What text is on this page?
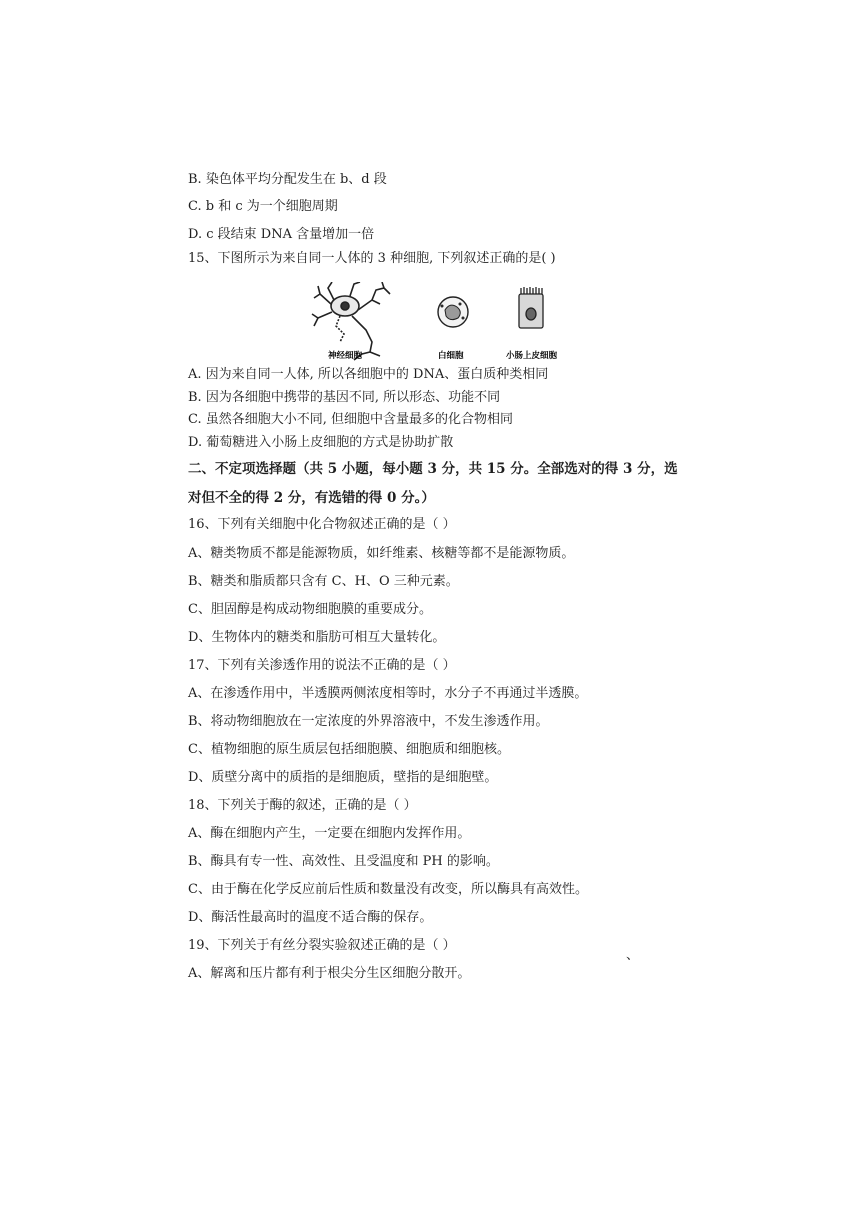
B. 染色体平均分配发生在 b、d 段
C. b 和 c 为一个细胞周期
D. c 段结束 DNA 含量增加一倍
15、下图所示为来自同一人体的 3 种细胞, 下列叙述正确的是( )
神经细胞	白细胞	小肠上皮细胞
A. 因为来自同一人体, 所以各细胞中的 DNA、蛋白质种类相同
B. 因为各细胞中携带的基因不同, 所以形态、功能不同
C. 虽然各细胞大小不同, 但细胞中含量最多的化合物相同
D. 葡萄糖进入小肠上皮细胞的方式是协助扩散
二、不定项选择题（共 5 小题，每小题 3 分，共 15 分。全部选对的得 3 分，选
对但不全的得 2 分，有选错的得 0 分。）
16、下列有关细胞中化合物叙述正确的是（ ）
A、糖类物质不都是能源物质，如纤维素、核糖等都不是能源物质。
B、糖类和脂质都只含有 C、H、O 三种元素。
C、胆固醇是构成动物细胞膜的重要成分。
D、生物体内的糖类和脂肪可相互大量转化。
17、下列有关渗透作用的说法不正确的是（ ）
A、在渗透作用中，半透膜两侧浓度相等时，水分子不再通过半透膜。
B、将动物细胞放在一定浓度的外界溶液中，不发生渗透作用。
C、植物细胞的原生质层包括细胞膜、细胞质和细胞核。
D、质壁分离中的质指的是细胞质，壁指的是细胞壁。
18、下列关于酶的叙述，正确的是（ ）
A、酶在细胞内产生，一定要在细胞内发挥作用。
B、酶具有专一性、高效性、且受温度和 PH 的影响。
C、由于酶在化学反应前后性质和数量没有改变，所以酶具有高效性。
D、酶活性最高时的温度不适合酶的保存。
19、下列关于有丝分裂实验叙述正确的是（ ）
、
A、解离和压片都有利于根尖分生区细胞分散开。
